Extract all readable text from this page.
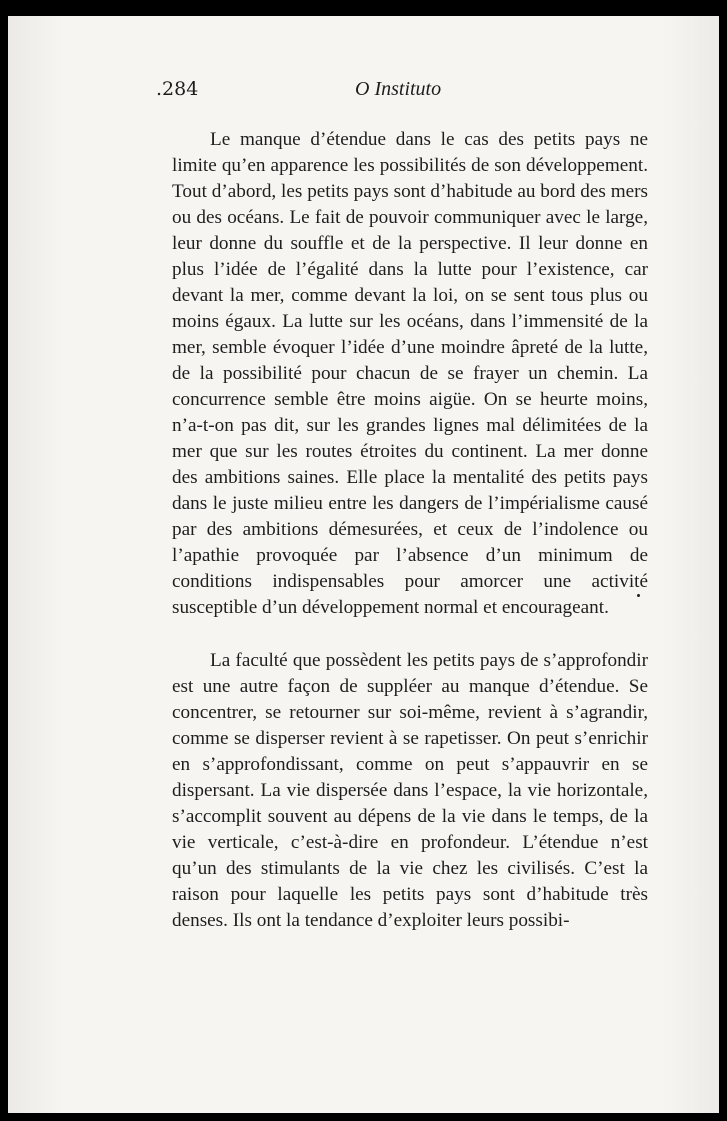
.284	O Instituto

Le manque d’étendue dans le cas des petits pays ne limite qu’en apparence les possibilités de son développement. Tout d’abord, les petits pays sont d’habitude au bord des mers ou des océans. Le fait de pouvoir communiquer avec le large, leur donne du souffle et de la perspective. Il leur donne en plus l’idée de l’égalité dans la lutte pour l’existence, car devant la mer, comme devant la loi, on se sent tous plus ou moins égaux. La lutte sur les océans, dans l’immensité de la mer, semble évoquer l’idée d’une moindre âpreté de la lutte, de la possibilité pour chacun de se frayer un chemin. La concurrence semble être moins aigüe. On se heurte moins, n’a-t-on pas dit, sur les grandes lignes mal délimitées de la mer que sur les routes étroites du continent. La mer donne des ambitions saines. Elle place la mentalité des petits pays dans le juste milieu entre les dangers de l’impérialisme causé par des ambitions démesurées, et ceux de l’indolence ou l’apathie provoquée par l’absence d’un minimum de conditions indispensables pour amorcer une activité susceptible d’un développement normal et encourageant.

La faculté que possèdent les petits pays de s’approfondir est une autre façon de suppléer au manque d’étendue. Se concentrer, se retourner sur soi-même, revient à s’agrandir, comme se disperser revient à se rapetisser. On peut s’enrichir en s’approfondissant, comme on peut s’appauvrir en se dispersant. La vie dispersée dans l’espace, la vie horizontale, s’accomplit souvent au dépens de la vie dans le temps, de la vie verticale, c’est-à-dire en profondeur. L’étendue n’est qu’un des stimulants de la vie chez les civilisés. C’est la raison pour laquelle les petits pays sont d’habitude très denses. Ils ont la tendance d’exploiter leurs possibi-
